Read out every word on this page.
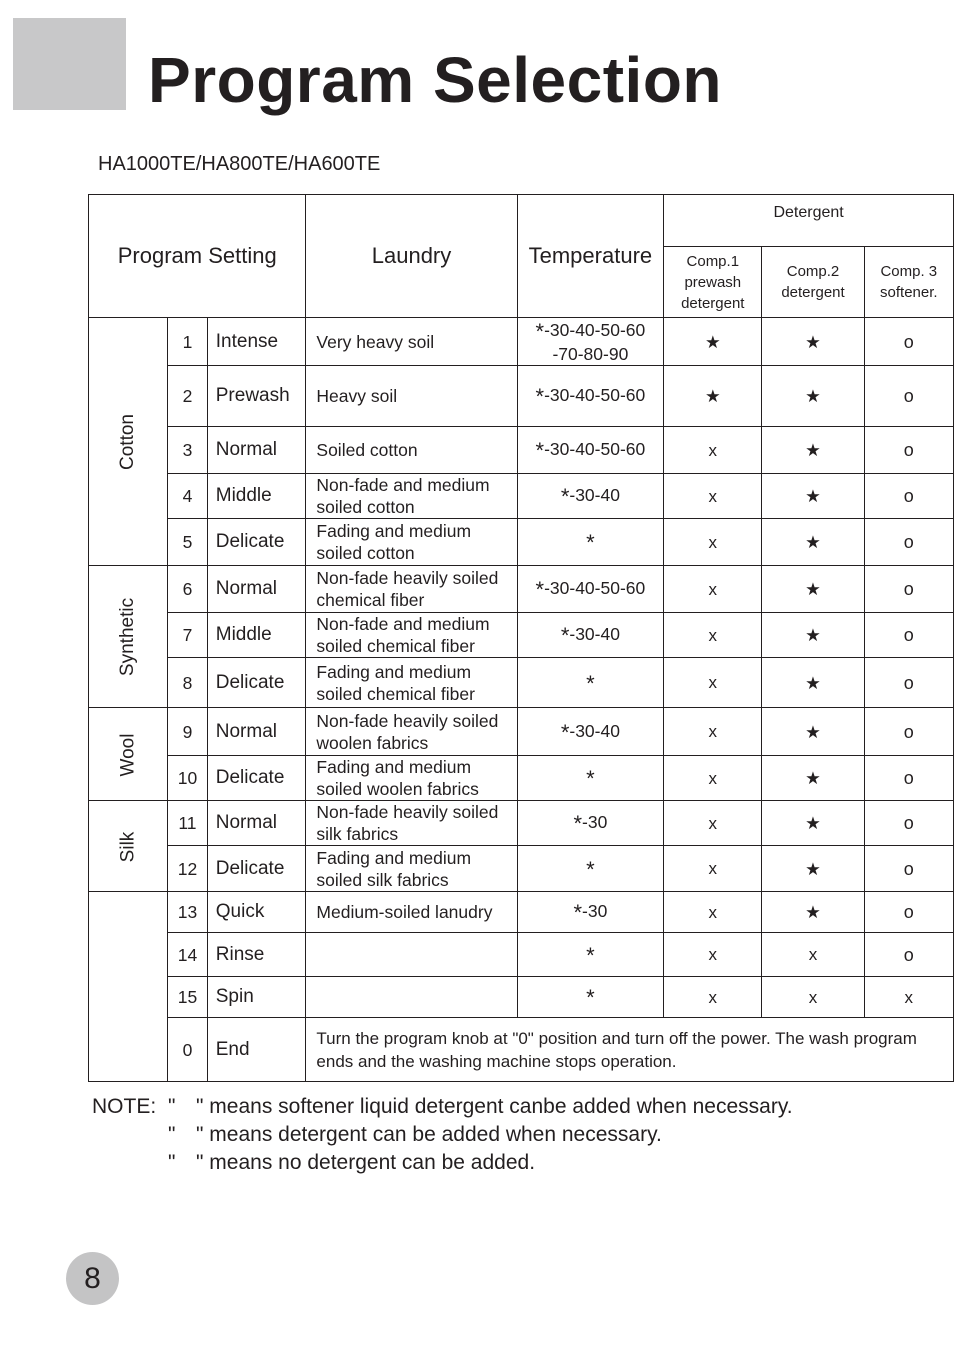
Program Selection
HA1000TE/HA800TE/HA600TE
Program Setting			Laundry	Temperature	Detergent		

					Comp.1 prewash detergent	Comp.2 detergent	Comp. 3 softener.
Cotton	1	Intense	Very heavy soil	*-30-40-50-60 -70-80-90	★	★	o
	2	Prewash	Heavy soil	*-30-40-50-60	★	★	o
	3	Normal	Soiled cotton	*-30-40-50-60	x	★	o
	4	Middle	Non-fade and medium soiled cotton	*-30-40	x	★	o
	5	Delicate	Fading and medium soiled cotton	*	x	★	o
Synthetic	6	Normal	Non-fade heavily soiled chemical fiber	*-30-40-50-60	x	★	o
	7	Middle	Non-fade and medium soiled chemical fiber	*-30-40	x	★	o
	8	Delicate	Fading and medium soiled chemical fiber	*	x	★	o
Wool	9	Normal	Non-fade heavily soiled woolen fabrics	*-30-40	x	★	o
	10	Delicate	Fading and medium soiled woolen fabrics	*	x	★	o
Silk	11	Normal	Non-fade heavily soiled silk fabrics	*-30	x	★	o
	12	Delicate	Fading and medium soiled silk fabrics	*	x	★	o
	13	Quick	Medium-soiled lanudry	*-30	x	★	o
	14	Rinse		*	x	x	o
	15	Spin		*	x	x	x
	0	End	Turn the program knob at "0" position and turn off the power. The wash program ends and the washing machine stops operation.				
NOTE: " " means softener liquid detergent canbe added when necessary.
" " means detergent can be added when necessary.
" " means no detergent can be added.
8
